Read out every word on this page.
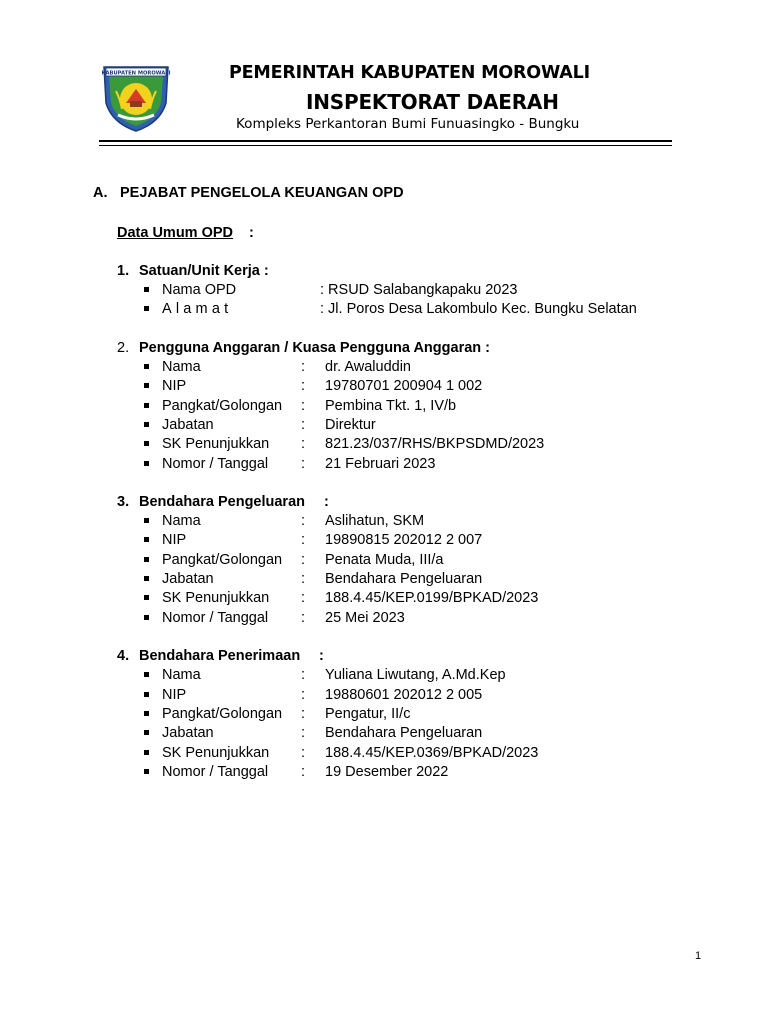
KABUPATEN MOROWALI	PEMERINTAH KABUPATEN MOROWALI
INSPEKTORAT DAERAH
Kompleks Perkantoran Bumi Funuasingko - Bungku
A. PEJABAT PENGELOLA KEUANGAN OPD
Data Umum OPD :
1. Satuan/Unit Kerja :
Nama OPD	: RSUD Salabangkapaku 2023
Alamat	: Jl. Poros Desa Lakombulo Kec. Bungku Selatan
2. Pengguna Anggaran / Kuasa Pengguna Anggaran :
Nama	: dr. Awaluddin
NIP	: 19780701 200904 1 002
Pangkat/Golongan : Pembina Tkt. 1, IV/b
Jabatan	: Direktur
SK Penunjukkan : 821.23/037/RHS/BKPSDMD/2023
Nomor / Tanggal : 21 Februari 2023
3. Bendahara Pengeluaran :
Nama	: Aslihatun, SKM
NIP	: 19890815 202012 2 007
Pangkat/Golongan : Penata Muda, III/a
Jabatan	: Bendahara Pengeluaran
SK Penunjukkan : 188.4.45/KEP.0199/BPKAD/2023
Nomor / Tanggal : 25 Mei 2023
4. Bendahara Penerimaan :
Nama	: Yuliana Liwutang, A.Md.Kep
NIP	: 19880601 202012 2 005
Pangkat/Golongan : Pengatur, II/c
Jabatan	: Bendahara Pengeluaran
SK Penunjukkan : 188.4.45/KEP.0369/BPKAD/2023
Nomor / Tanggal : 19 Desember 2022
1
